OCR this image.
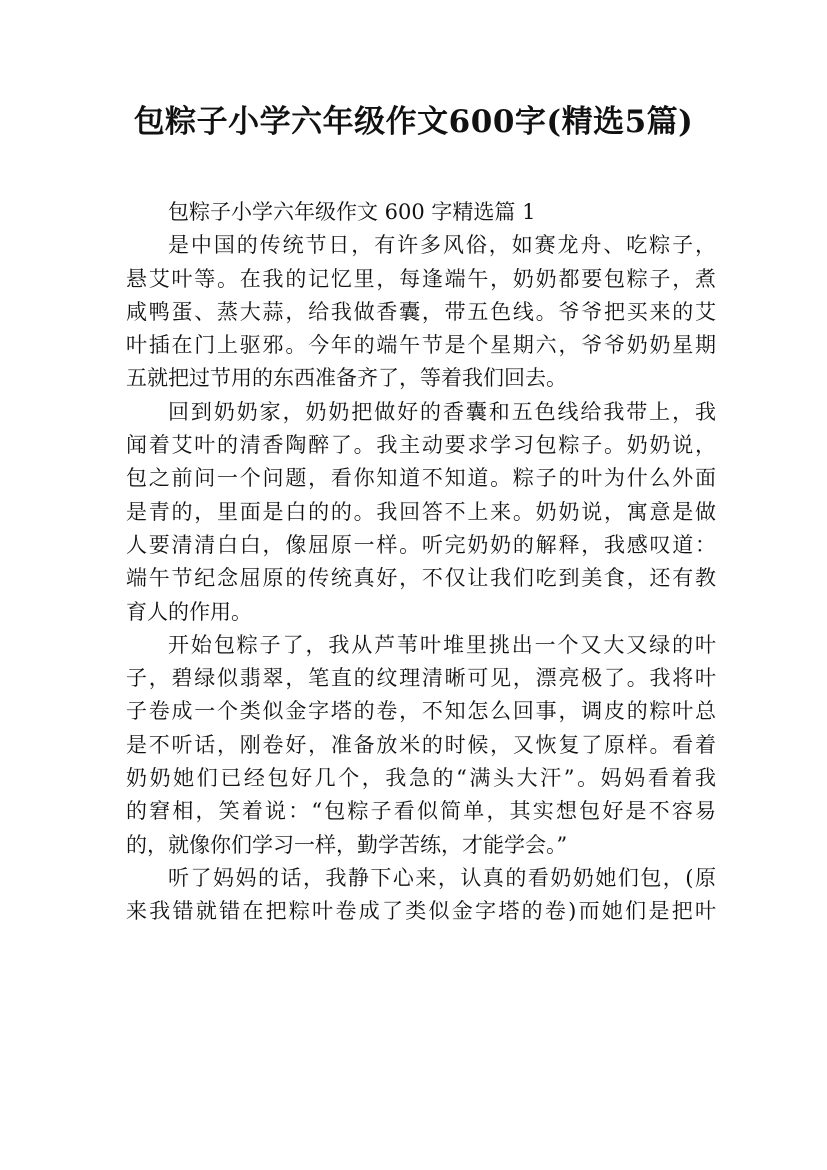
包粽子小学六年级作文600字(精选5篇)
包粽子小学六年级作文 600 字精选篇 1
是中国的传统节日，有许多风俗，如赛龙舟、吃粽子，
悬艾叶等。在我的记忆里，每逢端午，奶奶都要包粽子，煮
咸鸭蛋、蒸大蒜，给我做香囊，带五色线。爷爷把买来的艾
叶插在门上驱邪。今年的端午节是个星期六，爷爷奶奶星期
五就把过节用的东西准备齐了，等着我们回去。
回到奶奶家，奶奶把做好的香囊和五色线给我带上，我
闻着艾叶的清香陶醉了。我主动要求学习包粽子。奶奶说，
包之前问一个问题，看你知道不知道。粽子的叶为什么外面
是青的，里面是白的的。我回答不上来。奶奶说，寓意是做
人要清清白白，像屈原一样。听完奶奶的解释，我感叹道：
端午节纪念屈原的传统真好，不仅让我们吃到美食，还有教
育人的作用。
开始包粽子了，我从芦苇叶堆里挑出一个又大又绿的叶
子，碧绿似翡翠，笔直的纹理清晰可见，漂亮极了。我将叶
子卷成一个类似金字塔的卷，不知怎么回事，调皮的粽叶总
是不听话，刚卷好，准备放米的时候，又恢复了原样。看着
奶奶她们已经包好几个，我急的“满头大汗”。妈妈看着我
的窘相，笑着说：“包粽子看似简单，其实想包好是不容易
的，就像你们学习一样，勤学苦练，才能学会。”
听了妈妈的话，我静下心来，认真的看奶奶她们包，(原
来我错就错在把粽叶卷成了类似金字塔的卷)而她们是把叶
